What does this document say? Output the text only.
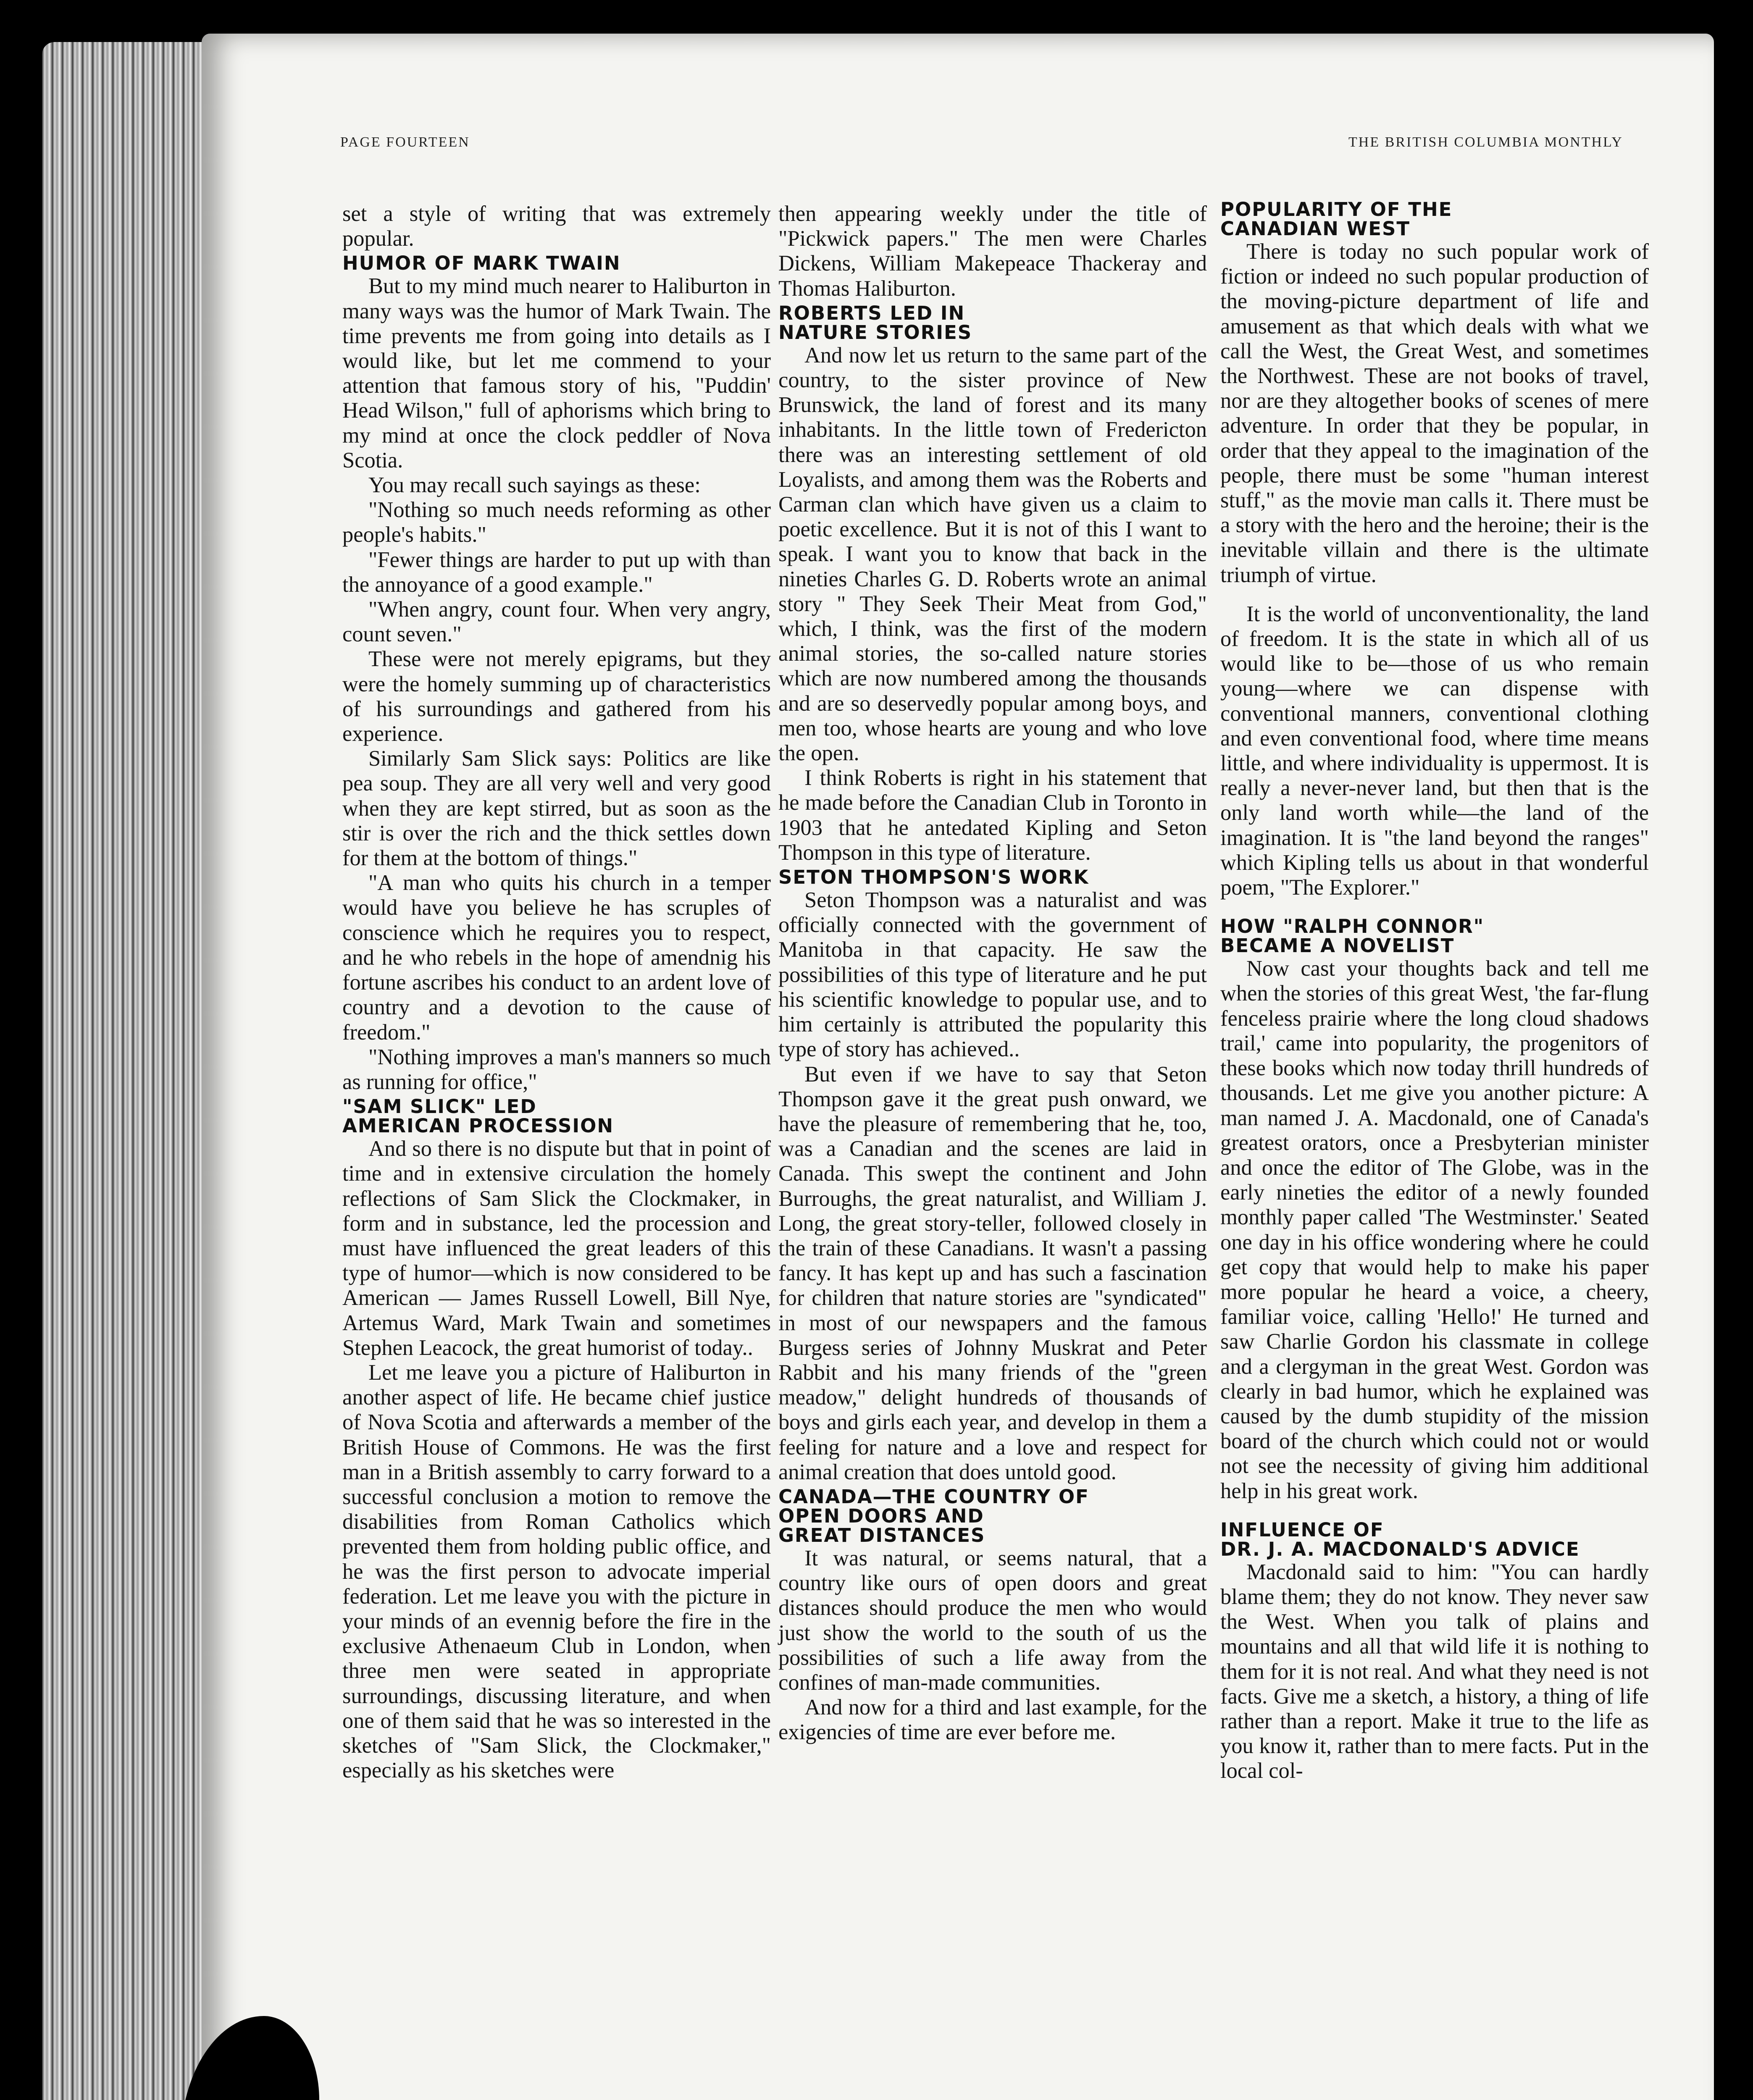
PAGE FOURTEEN	THE BRITISH COLUMBIA MONTHLY

set a style of writing that was extremely popular.

HUMOR OF MARK TWAIN

But to my mind much nearer to Haliburton in many ways was the humor of Mark Twain. The time prevents me from going into details as I would like, but let me commend to your attention that famous story of his, "Puddin' Head Wilson," full of aphorisms which bring to my mind at once the clock peddler of Nova Scotia.

You may recall such sayings as these:

"Nothing so much needs reforming as other people's habits."

"Fewer things are harder to put up with than the annoyance of a good example."

"When angry, count four. When very angry, count seven."

These were not merely epigrams, but they were the homely summing up of characteristics of his surroundings and gathered from his experience.

Similarly Sam Slick says: Politics are like pea soup. They are all very well and very good when they are kept stirred, but as soon as the stir is over the rich and the thick settles down for them at the bottom of things."

"A man who quits his church in a temper would have you believe he has scruples of conscience which he requires you to respect, and he who rebels in the hope of amendnig his fortune ascribes his conduct to an ardent love of country and a devotion to the cause of freedom."

"Nothing improves a man's manners so much as running for office,"

"SAM SLICK" LED
AMERICAN PROCESSION

And so there is no dispute but that in point of time and in extensive circulation the homely reflections of Sam Slick the Clockmaker, in form and in substance, led the procession and must have influenced the great leaders of this type of humor—which is now considered to be American — James Russell Lowell, Bill Nye, Artemus Ward, Mark Twain and sometimes Stephen Leacock, the great humorist of today..

Let me leave you a picture of Haliburton in another aspect of life. He became chief justice of Nova Scotia and afterwards a member of the British House of Commons. He was the first man in a British assembly to carry forward to a successful conclusion a motion to remove the disabilities from Roman Catholics which prevented them from holding public office, and he was the first person to advocate imperial federation. Let me leave you with the picture in your minds of an evennig before the fire in the exclusive Athenaeum Club in London, when three men were seated in appropriate surroundings, discussing literature, and when one of them said that he was so interested in the sketches of "Sam Slick, the Clockmaker," especially as his sketches were

then appearing weekly under the title of "Pickwick papers." The men were Charles Dickens, William Makepeace Thackeray and Thomas Haliburton.

ROBERTS LED IN
NATURE STORIES

And now let us return to the same part of the country, to the sister province of New Brunswick, the land of forest and its many inhabitants. In the little town of Fredericton there was an interesting settlement of old Loyalists, and among them was the Roberts and Carman clan which have given us a claim to poetic excellence. But it is not of this I want to speak. I want you to know that back in the nineties Charles G. D. Roberts wrote an animal story " They Seek Their Meat from God," which, I think, was the first of the modern animal stories, the so-called nature stories which are now numbered among the thousands and are so deservedly popular among boys, and men too, whose hearts are young and who love the open.

I think Roberts is right in his statement that he made before the Canadian Club in Toronto in 1903 that he antedated Kipling and Seton Thompson in this type of literature.

SETON THOMPSON'S WORK

Seton Thompson was a naturalist and was officially connected with the government of Manitoba in that capacity. He saw the possibilities of this type of literature and he put his scientific knowledge to popular use, and to him certainly is attributed the popularity this type of story has achieved..

But even if we have to say that Seton Thompson gave it the great push onward, we have the pleasure of remembering that he, too, was a Canadian and the scenes are laid in Canada. This swept the continent and John Burroughs, the great naturalist, and William J. Long, the great story-teller, followed closely in the train of these Canadians. It wasn't a passing fancy. It has kept up and has such a fascination for children that nature stories are "syndicated" in most of our newspapers and the famous Burgess series of Johnny Muskrat and Peter Rabbit and his many friends of the "green meadow," delight hundreds of thousands of boys and girls each year, and develop in them a feeling for nature and a love and respect for animal creation that does untold good.

CANADA—THE COUNTRY OF
OPEN DOORS AND
GREAT DISTANCES

It was natural, or seems natural, that a country like ours of open doors and great distances should produce the men who would just show the world to the south of us the possibilities of such a life away from the confines of man-made communities.

And now for a third and last example, for the exigencies of time are ever before me.

POPULARITY OF THE
CANADIAN WEST

There is today no such popular work of fiction or indeed no such popular production of the moving-picture department of life and amusement as that which deals with what we call the West, the Great West, and sometimes the Northwest. These are not books of travel, nor are they altogether books of scenes of mere adventure. In order that they be popular, in order that they appeal to the imagination of the people, there must be some "human interest stuff," as the movie man calls it. There must be a story with the hero and the heroine; their is the inevitable villain and there is the ultimate triumph of virtue.

It is the world of unconventionality, the land of freedom. It is the state in which all of us would like to be—those of us who remain young—where we can dispense with conventional manners, conventional clothing and even conventional food, where time means little, and where individuality is uppermost. It is really a never-never land, but then that is the only land worth while—the land of the imagination. It is "the land beyond the ranges" which Kipling tells us about in that wonderful poem, "The Explorer."

HOW "RALPH CONNOR"
BECAME A NOVELIST

Now cast your thoughts back and tell me when the stories of this great West, 'the far-flung fenceless prairie where the long cloud shadows trail,' came into popularity, the progenitors of these books which now today thrill hundreds of thousands. Let me give you another picture: A man named J. A. Macdonald, one of Canada's greatest orators, once a Presbyterian minister and once the editor of The Globe, was in the early nineties the editor of a newly founded monthly paper called 'The Westminster.' Seated one day in his office wondering where he could get copy that would help to make his paper more popular he heard a voice, a cheery, familiar voice, calling 'Hello!' He turned and saw Charlie Gordon his classmate in college and a clergyman in the great West. Gordon was clearly in bad humor, which he explained was caused by the dumb stupidity of the mission board of the church which could not or would not see the necessity of giving him additional help in his great work.

INFLUENCE OF
DR. J. A. MACDONALD'S ADVICE

Macdonald said to him: "You can hardly blame them; they do not know. They never saw the West. When you talk of plains and mountains and all that wild life it is nothing to them for it is not real. And what they need is not facts. Give me a sketch, a history, a thing of life rather than a report. Make it true to the life as you know it, rather than to mere facts. Put in the local col-
